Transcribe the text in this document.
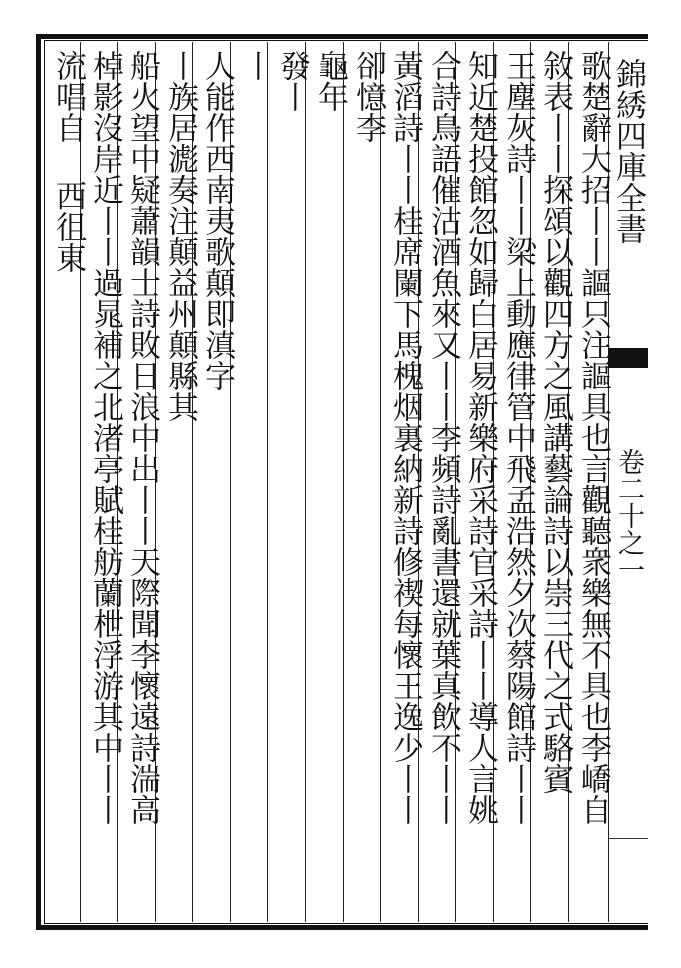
錦綉四庫全書
卷二十之一
歌楚辭大招丨丨謳只注謳具也言觀聽衆樂無不具也李嶠自
敘表丨丨探頌以觀四方之風講藝論詩以崇三代之式駱賓
王塵灰詩丨丨梁上動應律管中飛孟浩然夕次蔡陽館詩丨丨
知近楚投館忽如歸白居易新樂府采詩官采詩丨丨導人言姚
合詩鳥語催沽酒魚來又丨丨李頻詩亂書還就葉真飲不丨丨
黃滔詩丨丨桂席闌下馬槐烟裏納新詩修禊每懷王逸少丨丨
卻憶李
龜年
發丨
丨
人能作西南夷歌顛即滇字
丨族居滮奏注顛益州顛縣其
船火望中疑蕭韻士詩敗日浪中出丨丨天際聞李懷遠詩湍高
棹影沒岸近丨丨過晁補之北渚亭賦桂舫蘭枻浮游其中丨丨
流唱自
西徂東
